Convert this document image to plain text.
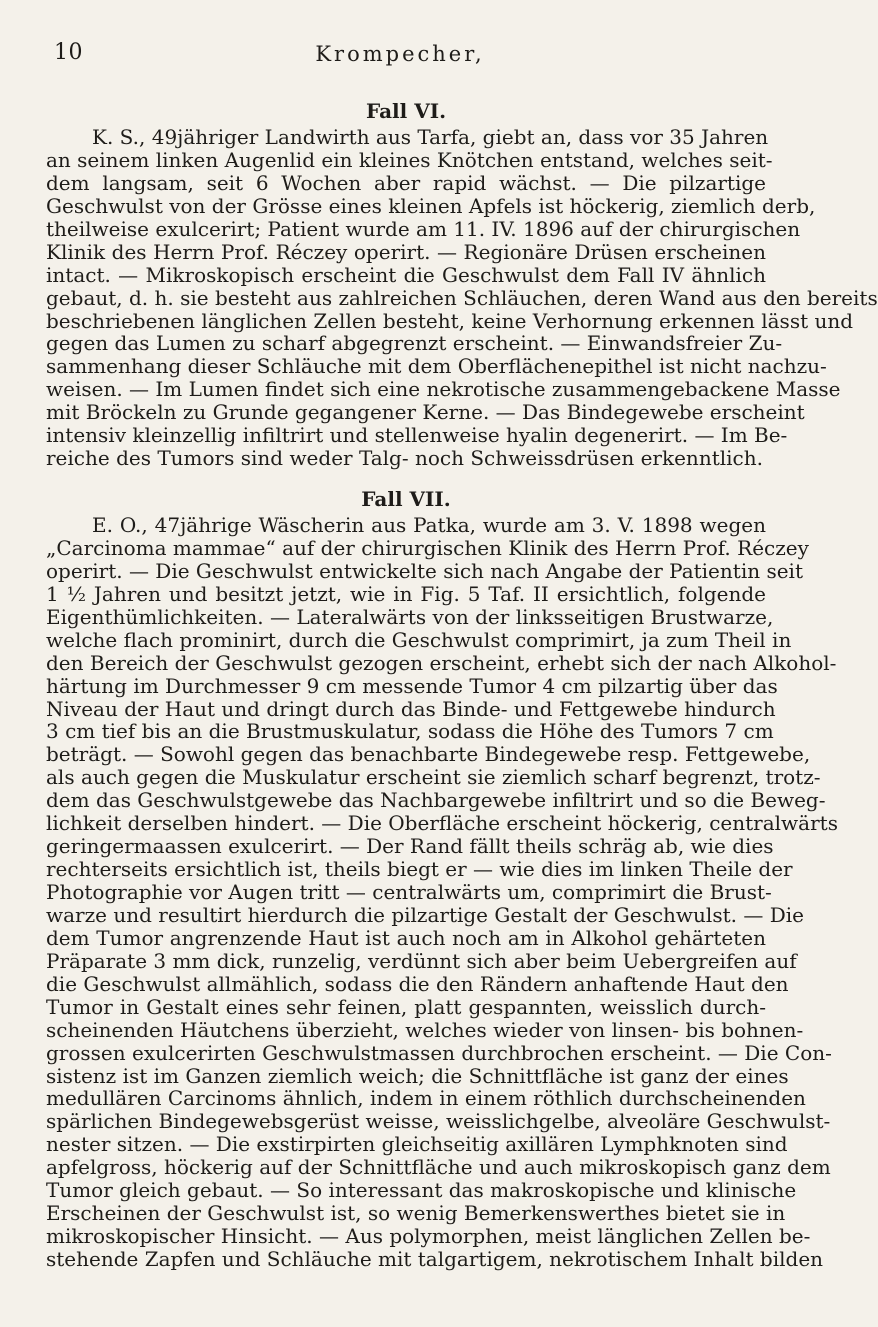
10	Krompecher,
Fall VI.
K. S., 49jähriger Landwirth aus Tarfa, giebt an, dass vor 35 Jahren
an seinem linken Augenlid ein kleines Knötchen entstand, welches seit-
dem langsam, seit 6 Wochen aber rapid wächst. — Die pilzartige
Geschwulst von der Grösse eines kleinen Apfels ist höckerig, ziemlich derb,
theilweise exulcerirt; Patient wurde am 11. IV. 1896 auf der chirurgischen
Klinik des Herrn Prof. Réczey operirt. — Regionäre Drüsen erscheinen
intact. — Mikroskopisch erscheint die Geschwulst dem Fall IV ähnlich
gebaut, d. h. sie besteht aus zahlreichen Schläuchen, deren Wand aus den bereits
beschriebenen länglichen Zellen besteht, keine Verhornung erkennen lässt und
gegen das Lumen zu scharf abgegrenzt erscheint. — Einwandsfreier Zu-
sammenhang dieser Schläuche mit dem Oberflächenepithel ist nicht nachzu-
weisen. — Im Lumen findet sich eine nekrotische zusammengebackene Masse
mit Bröckeln zu Grunde gegangener Kerne. — Das Bindegewebe erscheint
intensiv kleinzellig infiltrirt und stellenweise hyalin degenerirt. — Im Be-
reiche des Tumors sind weder Talg- noch Schweissdrüsen erkenntlich.
Fall VII.
E. O., 47jährige Wäscherin aus Patka, wurde am 3. V. 1898 wegen
„Carcinoma mammae“ auf der chirurgischen Klinik des Herrn Prof. Réczey
operirt. — Die Geschwulst entwickelte sich nach Angabe der Patientin seit
1 ½ Jahren und besitzt jetzt, wie in Fig. 5 Taf. II ersichtlich, folgende
Eigenthümlichkeiten. — Lateralwärts von der linksseitigen Brustwarze,
welche flach prominirt, durch die Geschwulst comprimirt, ja zum Theil in
den Bereich der Geschwulst gezogen erscheint, erhebt sich der nach Alkohol-
härtung im Durchmesser 9 cm messende Tumor 4 cm pilzartig über das
Niveau der Haut und dringt durch das Binde- und Fettgewebe hindurch
3 cm tief bis an die Brustmuskulatur, sodass die Höhe des Tumors 7 cm
beträgt. — Sowohl gegen das benachbarte Bindegewebe resp. Fettgewebe,
als auch gegen die Muskulatur erscheint sie ziemlich scharf begrenzt, trotz-
dem das Geschwulstgewebe das Nachbargewebe infiltrirt und so die Beweg-
lichkeit derselben hindert. — Die Oberfläche erscheint höckerig, centralwärts
geringermaassen exulcerirt. — Der Rand fällt theils schräg ab, wie dies
rechterseits ersichtlich ist, theils biegt er — wie dies im linken Theile der
Photographie vor Augen tritt — centralwärts um, comprimirt die Brust-
warze und resultirt hierdurch die pilzartige Gestalt der Geschwulst. — Die
dem Tumor angrenzende Haut ist auch noch am in Alkohol gehärteten
Präparate 3 mm dick, runzelig, verdünnt sich aber beim Uebergreifen auf
die Geschwulst allmählich, sodass die den Rändern anhaftende Haut den
Tumor in Gestalt eines sehr feinen, platt gespannten, weisslich durch-
scheinenden Häutchens überzieht, welches wieder von linsen- bis bohnen-
grossen exulcerirten Geschwulstmassen durchbrochen erscheint. — Die Con-
sistenz ist im Ganzen ziemlich weich; die Schnittfläche ist ganz der eines
medullären Carcinoms ähnlich, indem in einem röthlich durchscheinenden
spärlichen Bindegewebsgerüst weisse, weisslichgelbe, alveoläre Geschwulst-
nester sitzen. — Die exstirpirten gleichseitig axillären Lymphknoten sind
apfelgross, höckerig auf der Schnittfläche und auch mikroskopisch ganz dem
Tumor gleich gebaut. — So interessant das makroskopische und klinische
Erscheinen der Geschwulst ist, so wenig Bemerkenswerthes bietet sie in
mikroskopischer Hinsicht. — Aus polymorphen, meist länglichen Zellen be-
stehende Zapfen und Schläuche mit talgartigem, nekrotischem Inhalt bilden
